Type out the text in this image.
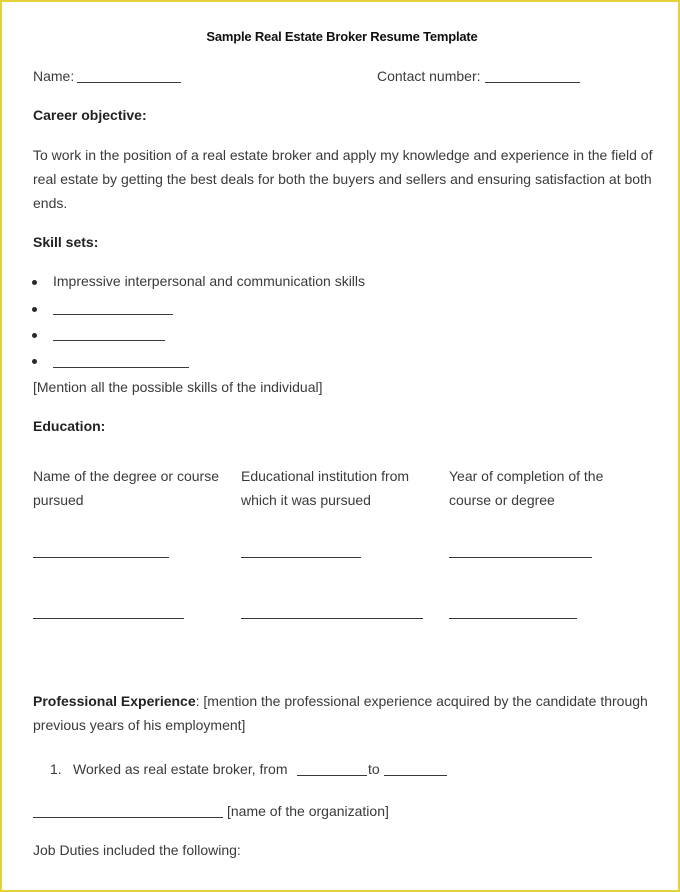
Sample Real Estate Broker Resume Template
Name:	Contact number:
Career objective:
To work in the position of a real estate broker and apply my knowledge and experience in the field of real estate by getting the best deals for both the buyers and sellers and ensuring satisfaction at both ends.
Skill sets:
Impressive interpersonal and communication skills
[Mention all the possible skills of the individual]
Education:
Name of the degree or course pursued
Educational institution from which it was pursued
Year of completion of the course or degree
Professional Experience: [mention the professional experience acquired by the candidate through previous years of his employment]
1. Worked as real estate broker, from	to
[name of the organization]
Job Duties included the following:
